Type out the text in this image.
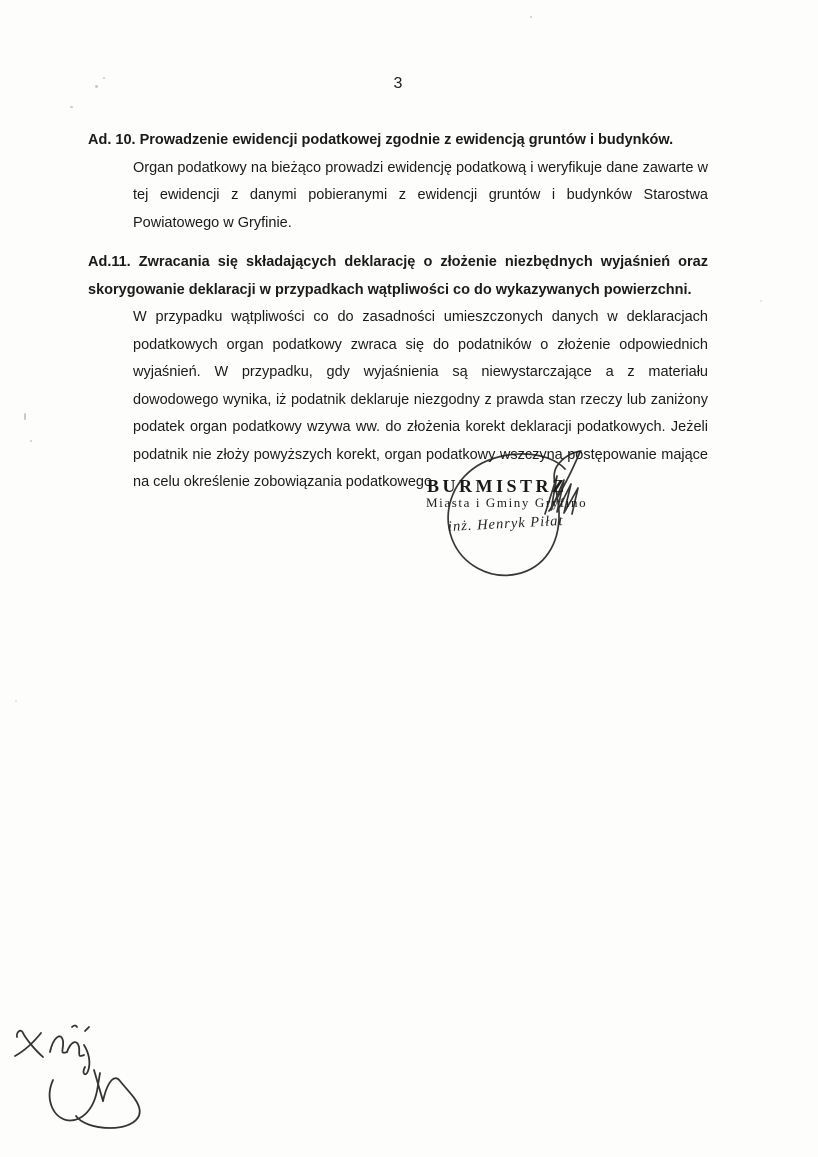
3
Ad. 10. Prowadzenie ewidencji podatkowej zgodnie z ewidencją gruntów i budynków.

Organ podatkowy na bieżąco prowadzi ewidencję podatkową i weryfikuje dane zawarte w tej ewidencji z danymi pobieranymi z ewidencji gruntów i budynków Starostwa Powiatowego w Gryfinie.

Ad.11. Zwracania się składających deklarację o złożenie niezbędnych wyjaśnień oraz skorygowanie deklaracji w przypadkach wątpliwości co do wykazywanych powierzchni.

W przypadku wątpliwości co do zasadności umieszczonych danych w deklaracjach podatkowych organ podatkowy zwraca się do podatników o złożenie odpowiednich wyjaśnień. W przypadku, gdy wyjaśnienia są niewystarczające a z materiału dowodowego wynika, iż podatnik deklaruje niezgodny z prawda stan rzeczy lub zaniżony podatek organ podatkowy wzywa ww. do złożenia korekt deklaracji podatkowych. Jeżeli podatnik nie złoży powyższych korekt, organ podatkowy wszczyna postępowanie mające na celu określenie zobowiązania podatkowego.

BURMISTRZ
Miasta i Gminy Gryfino
inż. Henryk Piłat
